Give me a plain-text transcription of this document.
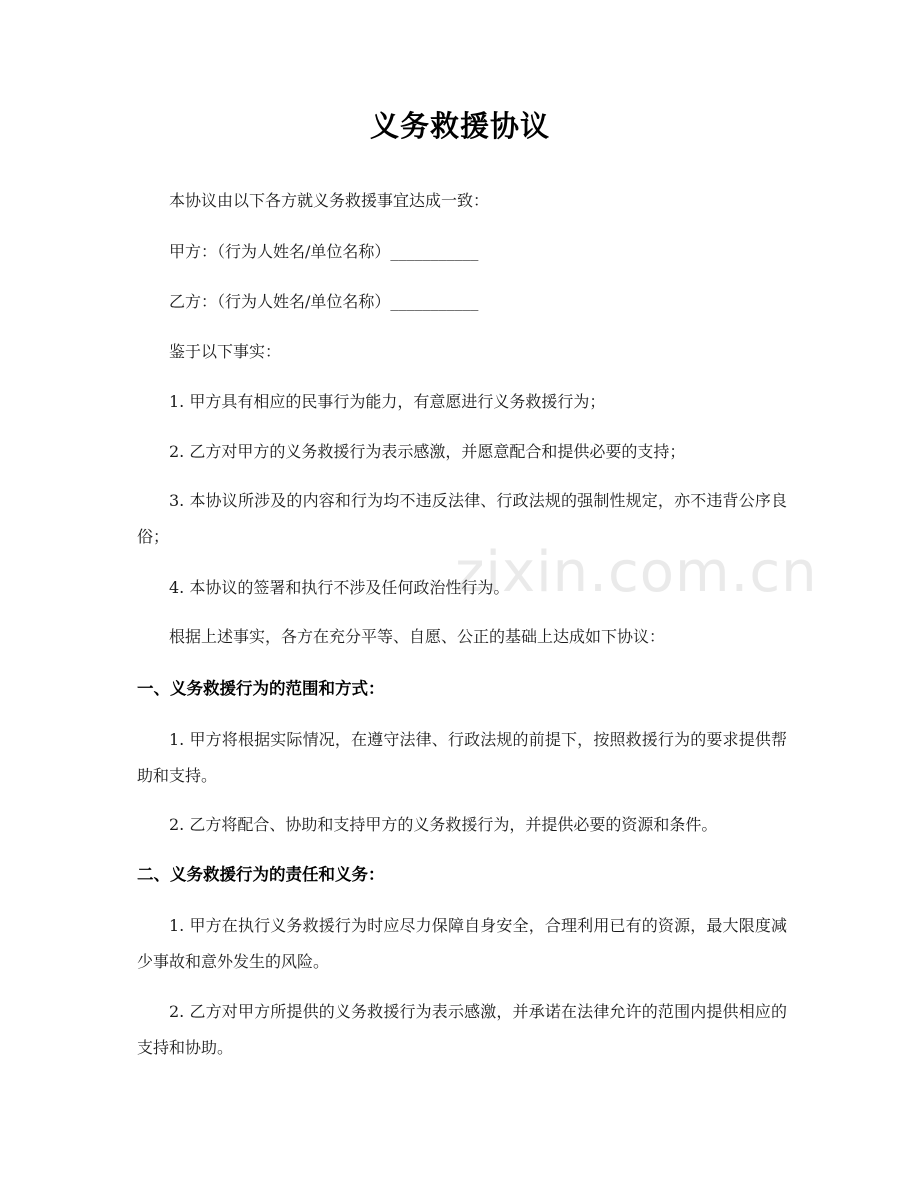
zixin.com.cn
义务救援协议

本协议由以下各方就义务救援事宜达成一致：

甲方：（行为人姓名/单位名称）___________

乙方：（行为人姓名/单位名称）___________

鉴于以下事实：

1. 甲方具有相应的民事行为能力，有意愿进行义务救援行为；

2. 乙方对甲方的义务救援行为表示感激，并愿意配合和提供必要的支持；

3. 本协议所涉及的内容和行为均不违反法律、行政法规的强制性规定，亦不违背公序良俗；

4. 本协议的签署和执行不涉及任何政治性行为。

根据上述事实，各方在充分平等、自愿、公正的基础上达成如下协议：

一、义务救援行为的范围和方式：

1. 甲方将根据实际情况，在遵守法律、行政法规的前提下，按照救援行为的要求提供帮助和支持。

2. 乙方将配合、协助和支持甲方的义务救援行为，并提供必要的资源和条件。

二、义务救援行为的责任和义务：

1. 甲方在执行义务救援行为时应尽力保障自身安全，合理利用已有的资源，最大限度减少事故和意外发生的风险。

2. 乙方对甲方所提供的义务救援行为表示感激，并承诺在法律允许的范围内提供相应的支持和协助。
